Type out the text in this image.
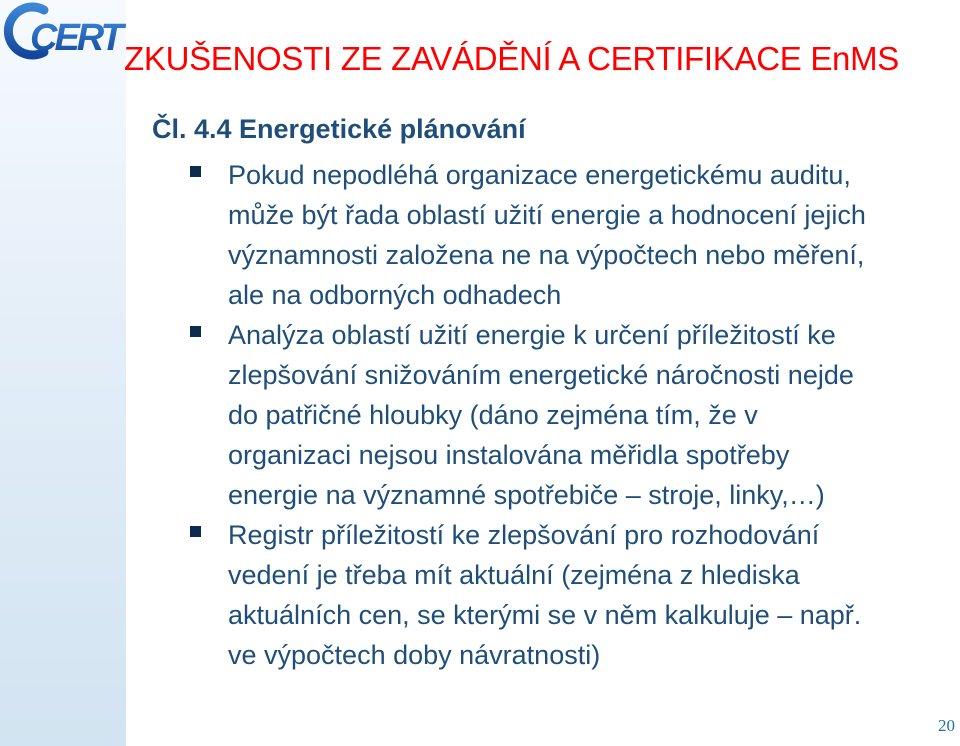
CERT ZKUŠENOSTI ZE ZAVÁDĚNÍ A CERTIFIKACE EnMS
Čl. 4.4 Energetické plánování
Pokud nepodléhá organizace energetickému auditu,
může být řada oblastí užití energie a hodnocení jejich
významnosti založena ne na výpočtech nebo měření,
ale na odborných odhadech
Analýza oblastí užití energie k určení příležitostí ke
zlepšování snižováním energetické náročnosti nejde
do patřičné hloubky (dáno zejména tím, že v
organizaci nejsou instalována měřidla spotřeby
energie na významné spotřebiče – stroje, linky,…)
Registr příležitostí ke zlepšování pro rozhodování
vedení je třeba mít aktuální (zejména z hlediska
aktuálních cen, se kterými se v něm kalkuluje – např.
ve výpočtech doby návratnosti)
20
